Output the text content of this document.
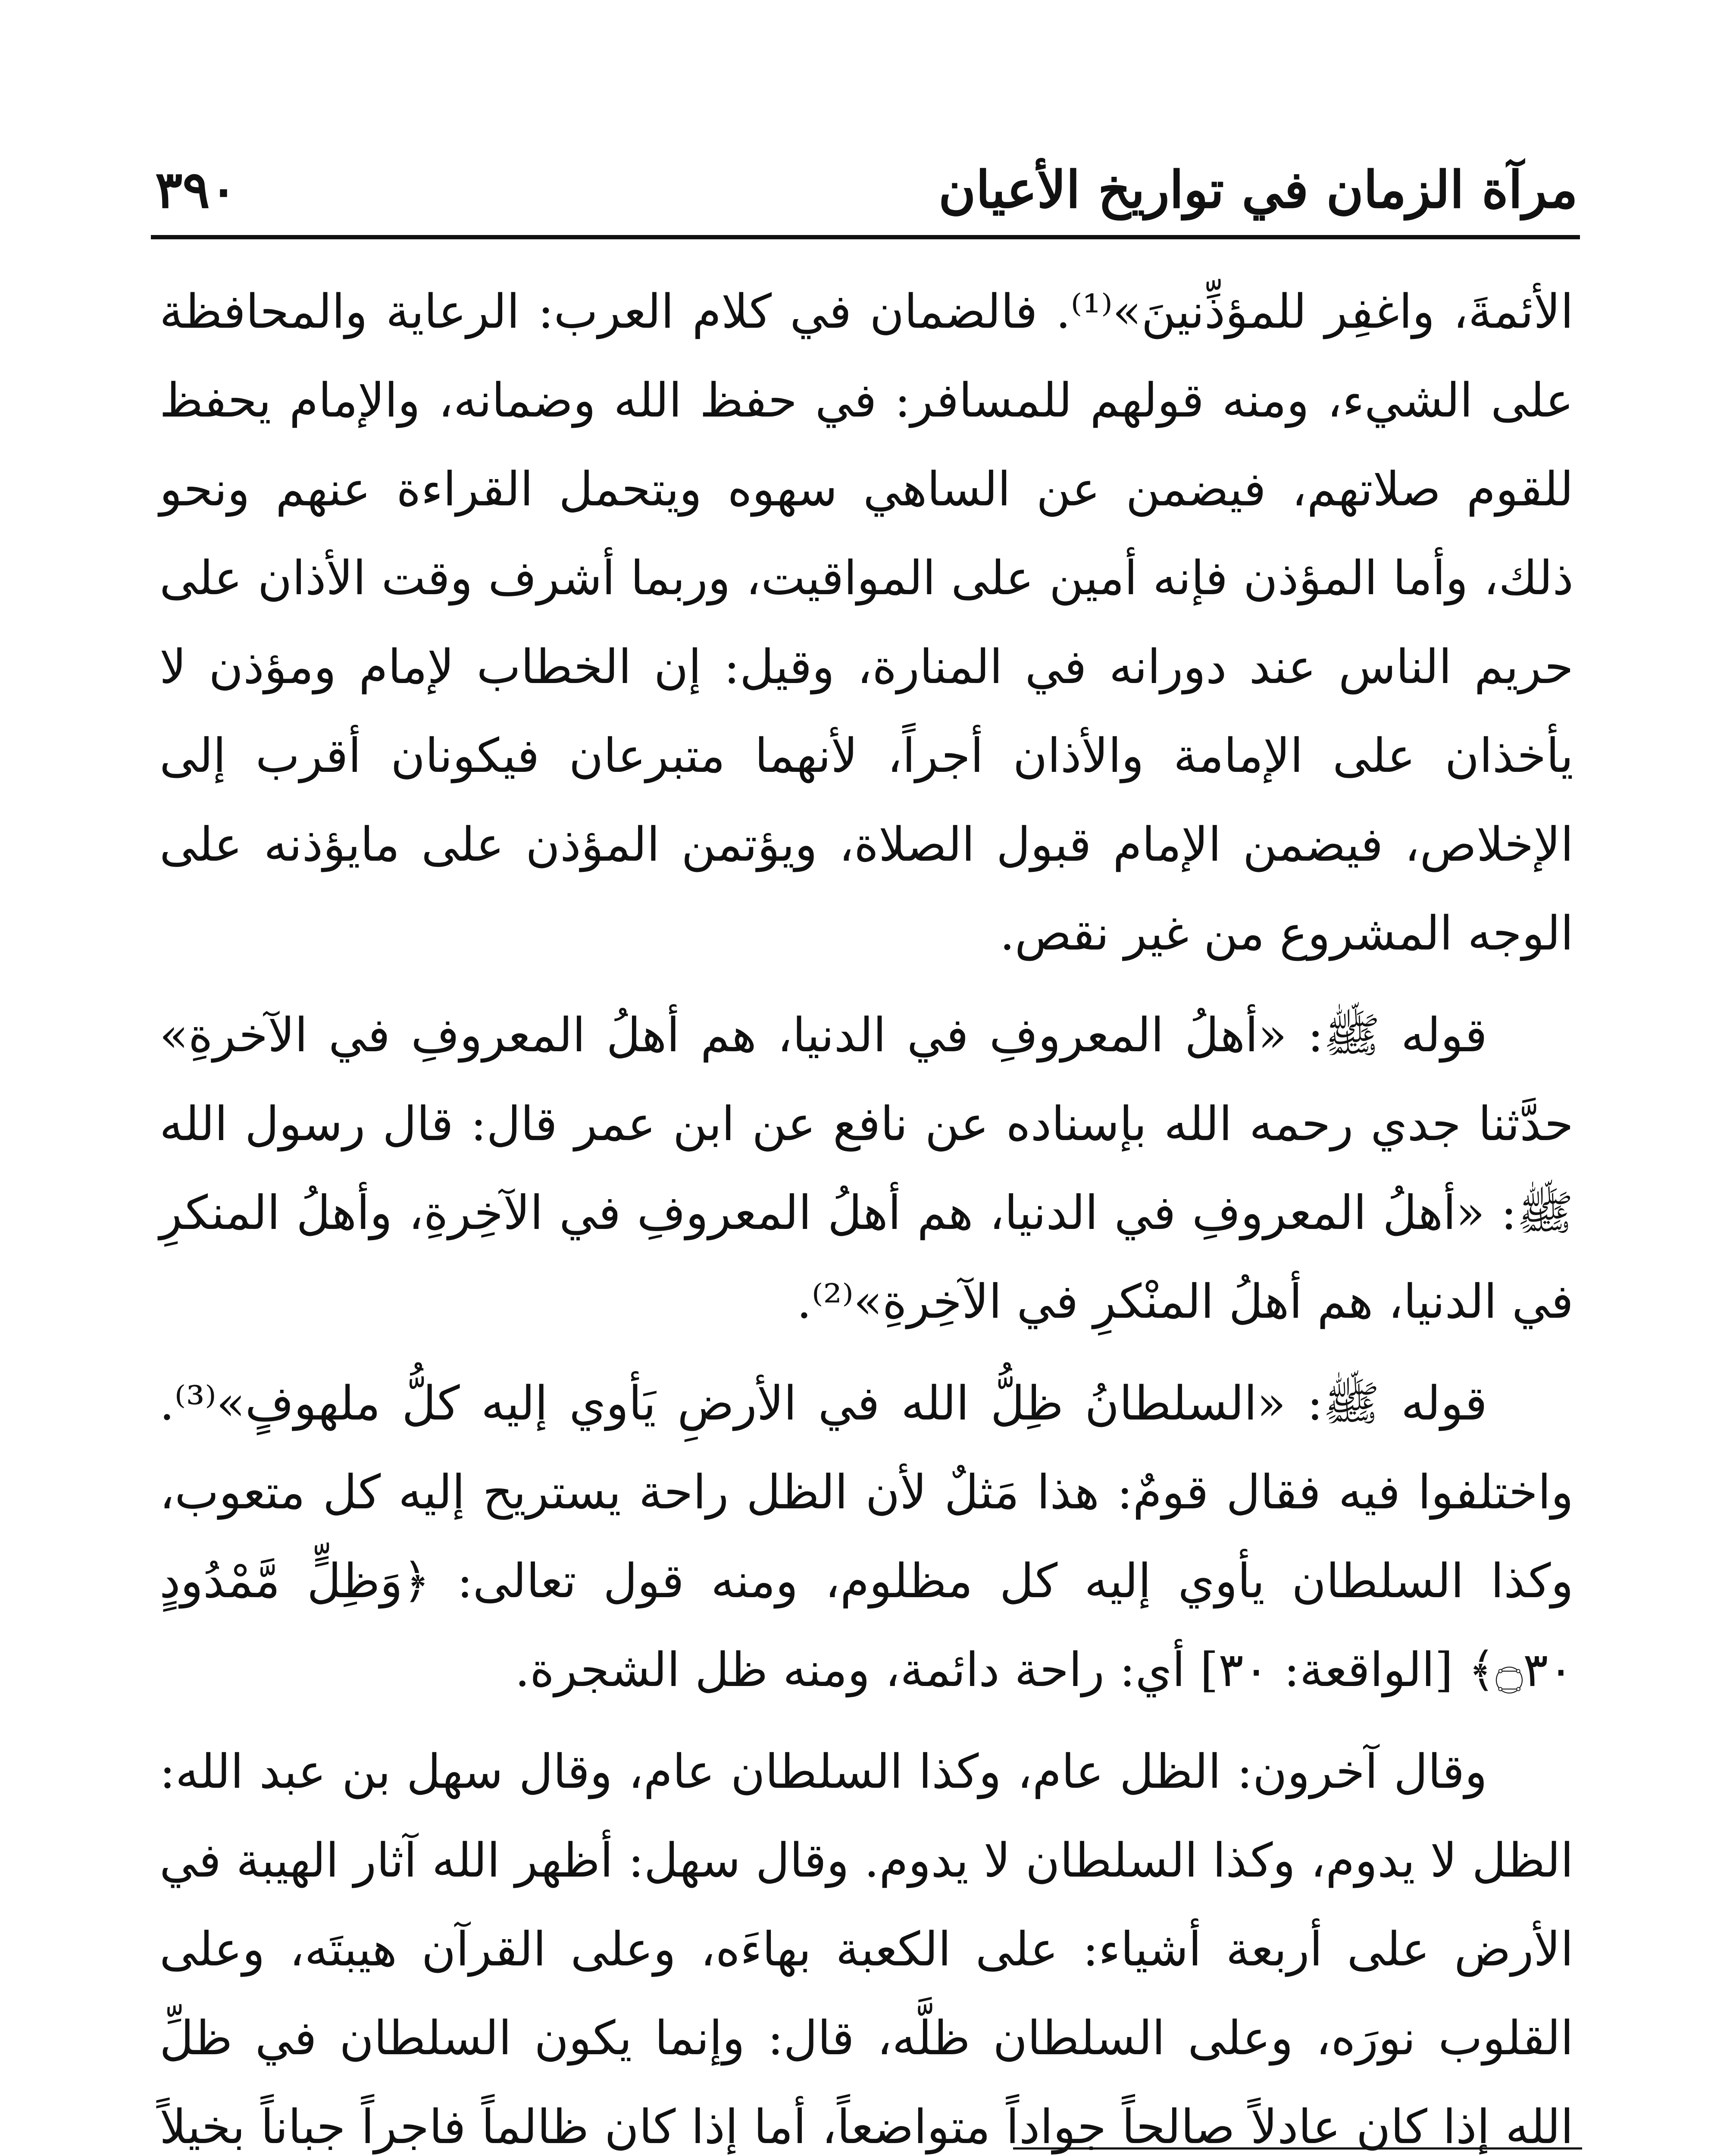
٣٩٠	مرآة الزمان في تواريخ الأعيان

الأئمةَ، واغفِر للمؤذِّنينَ»⁽¹⁾. فالضمان في كلام العرب: الرعاية والمحافظة على الشيء، ومنه قولهم للمسافر: في حفظ الله وضمانه، والإمام يحفظ للقوم صلاتهم، فيضمن عن الساهي سهوه ويتحمل القراءة عنهم ونحو ذلك، وأما المؤذن فإنه أمين على المواقيت، وربما أشرف وقت الأذان على حريم الناس عند دورانه في المنارة، وقيل: إن الخطاب لإمام ومؤذن لا يأخذان على الإمامة والأذان أجراً، لأنهما متبرعان فيكونان أقرب إلى الإخلاص، فيضمن الإمام قبول الصلاة، ويؤتمن المؤذن على مايؤذنه على الوجه المشروع من غير نقص.

قوله ﷺ: «أهلُ المعروفِ في الدنيا، هم أهلُ المعروفِ في الآخرةِ» حدَّثنا جدي رحمه الله بإسناده عن نافع عن ابن عمر قال: قال رسول الله ﷺ: «أهلُ المعروفِ في الدنيا، هم أهلُ المعروفِ في الآخِرةِ، وأهلُ المنكرِ في الدنيا، هم أهلُ المنْكرِ في الآخِرةِ»⁽²⁾.

قوله ﷺ: «السلطانُ ظِلُّ الله في الأرضِ يَأوي إليه كلُّ ملهوفٍ»⁽³⁾. واختلفوا فيه فقال قومٌ: هذا مَثلٌ لأن الظل راحة يستريح إليه كل متعوب، وكذا السلطان يأوي إليه كل مظلوم، ومنه قول تعالى: ﴿وَظِلٍّ مَّمْدُودٍ ۝٣٠﴾ [الواقعة: ٣٠] أي: راحة دائمة، ومنه ظل الشجرة.

وقال آخرون: الظل عام، وكذا السلطان عام، وقال سهل بن عبد الله: الظل لا يدوم، وكذا السلطان لا يدوم. وقال سهل: أظهر الله آثار الهيبة في الأرض على أربعة أشياء: على الكعبة بهاءَه، وعلى القرآن هيبتَه، وعلى القلوب نورَه، وعلى السلطان ظلَّه، قال: وإنما يكون السلطان في ظلِّ الله إذا كان عادلاً صالحاً جواداً متواضعاً، أما إذا كان ظالماً فاجراً جباناً بخيلاً
